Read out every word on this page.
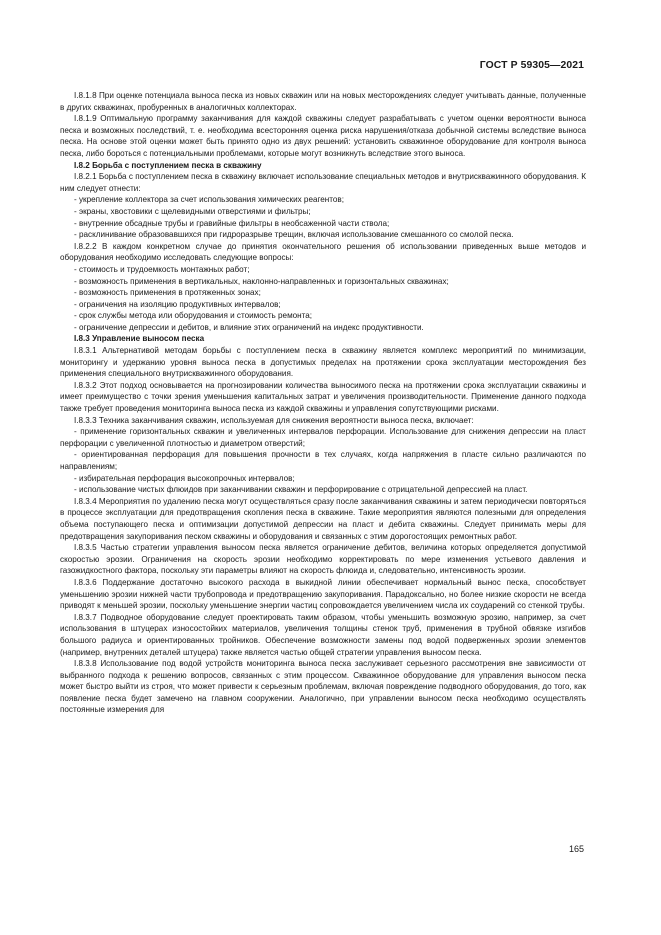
ГОСТ Р 59305—2021

I.8.1.8 При оценке потенциала выноса песка из новых скважин или на новых месторождениях следует учитывать данные, полученные в других скважинах, пробуренных в аналогичных коллекторах.

I.8.1.9 Оптимальную программу заканчивания для каждой скважины следует разрабатывать с учетом оценки вероятности выноса песка и возможных последствий, т. е. необходима всесторонняя оценка риска нарушения/отказа добычной системы вследствие выноса песка. На основе этой оценки может быть принято одно из двух решений: установить скважинное оборудование для контроля выноса песка, либо бороться с потенциальными проблемами, которые могут возникнуть вследствие этого выноса.

I.8.2 Борьба с поступлением песка в скважину

I.8.2.1 Борьба с поступлением песка в скважину включает использование специальных методов и внутрискважинного оборудования. К ним следует отнести:

- укрепление коллектора за счет использования химических реагентов;

- экраны, хвостовики с щелевидными отверстиями и фильтры;

- внутренние обсадные трубы и гравийные фильтры в необсаженной части ствола;

- расклинивание образовавшихся при гидроразрыве трещин, включая использование смешанного со смолой песка.

I.8.2.2 В каждом конкретном случае до принятия окончательного решения об использовании приведенных выше методов и оборудования необходимо исследовать следующие вопросы:

- стоимость и трудоемкость монтажных работ;

- возможность применения в вертикальных, наклонно-направленных и горизонтальных скважинах;

- возможность применения в протяженных зонах;

- ограничения на изоляцию продуктивных интервалов;

- срок службы метода или оборудования и стоимость ремонта;

- ограничение депрессии и дебитов, и влияние этих ограничений на индекс продуктивности.

I.8.3 Управление выносом песка

I.8.3.1 Альтернативой методам борьбы с поступлением песка в скважину является комплекс мероприятий по минимизации, мониторингу и удержанию уровня выноса песка в допустимых пределах на протяжении срока эксплуатации месторождения без применения специального внутрискважинного оборудования.

I.8.3.2 Этот подход основывается на прогнозировании количества выносимого песка на протяжении срока эксплуатации скважины и имеет преимущество с точки зрения уменьшения капитальных затрат и увеличения производительности. Применение данного подхода также требует проведения мониторинга выноса песка из каждой скважины и управления сопутствующими рисками.

I.8.3.3 Техника заканчивания скважин, используемая для снижения вероятности выноса песка, включает:

- применение горизонтальных скважин и увеличенных интервалов перфорации. Использование для снижения депрессии на пласт перфорации с увеличенной плотностью и диаметром отверстий;

- ориентированная перфорация для повышения прочности в тех случаях, когда напряжения в пласте сильно различаются по направлениям;

- избирательная перфорация высокопрочных интервалов;

- использование чистых флюидов при заканчивании скважин и перфорирование с отрицательной депрессией на пласт.

I.8.3.4 Мероприятия по удалению песка могут осуществляться сразу после заканчивания скважины и затем периодически повторяться в процессе эксплуатации для предотвращения скопления песка в скважине. Такие мероприятия являются полезными для определения объема поступающего песка и оптимизации допустимой депрессии на пласт и дебита скважины. Следует принимать меры для предотвращения закупоривания песком скважины и оборудования и связанных с этим дорогостоящих ремонтных работ.

I.8.3.5 Частью стратегии управления выносом песка является ограничение дебитов, величина которых определяется допустимой скоростью эрозии. Ограничения на скорость эрозии необходимо корректировать по мере изменения устьевого давления и газожидкостного фактора, поскольку эти параметры влияют на скорость флюида и, следовательно, интенсивность эрозии.

I.8.3.6 Поддержание достаточно высокого расхода в выкидной линии обеспечивает нормальный вынос песка, способствует уменьшению эрозии нижней части трубопровода и предотвращению закупоривания. Парадоксально, но более низкие скорости не всегда приводят к меньшей эрозии, поскольку уменьшение энергии частиц сопровождается увеличением числа их соударений со стенкой трубы.

I.8.3.7 Подводное оборудование следует проектировать таким образом, чтобы уменьшить возможную эрозию, например, за счет использования в штуцерах износостойких материалов, увеличения толщины стенок труб, применения в трубной обвязке изгибов большого радиуса и ориентированных тройников. Обеспечение возможности замены под водой подверженных эрозии элементов (например, внутренних деталей штуцера) также является частью общей стратегии управления выносом песка.

I.8.3.8 Использование под водой устройств мониторинга выноса песка заслуживает серьезного рассмотрения вне зависимости от выбранного подхода к решению вопросов, связанных с этим процессом. Скважинное оборудование для управления выносом песка может быстро выйти из строя, что может привести к серьезным проблемам, включая повреждение подводного оборудования, до того, как появление песка будет замечено на главном сооружении. Аналогично, при управлении выносом песка необходимо осуществлять постоянные измерения для

165
